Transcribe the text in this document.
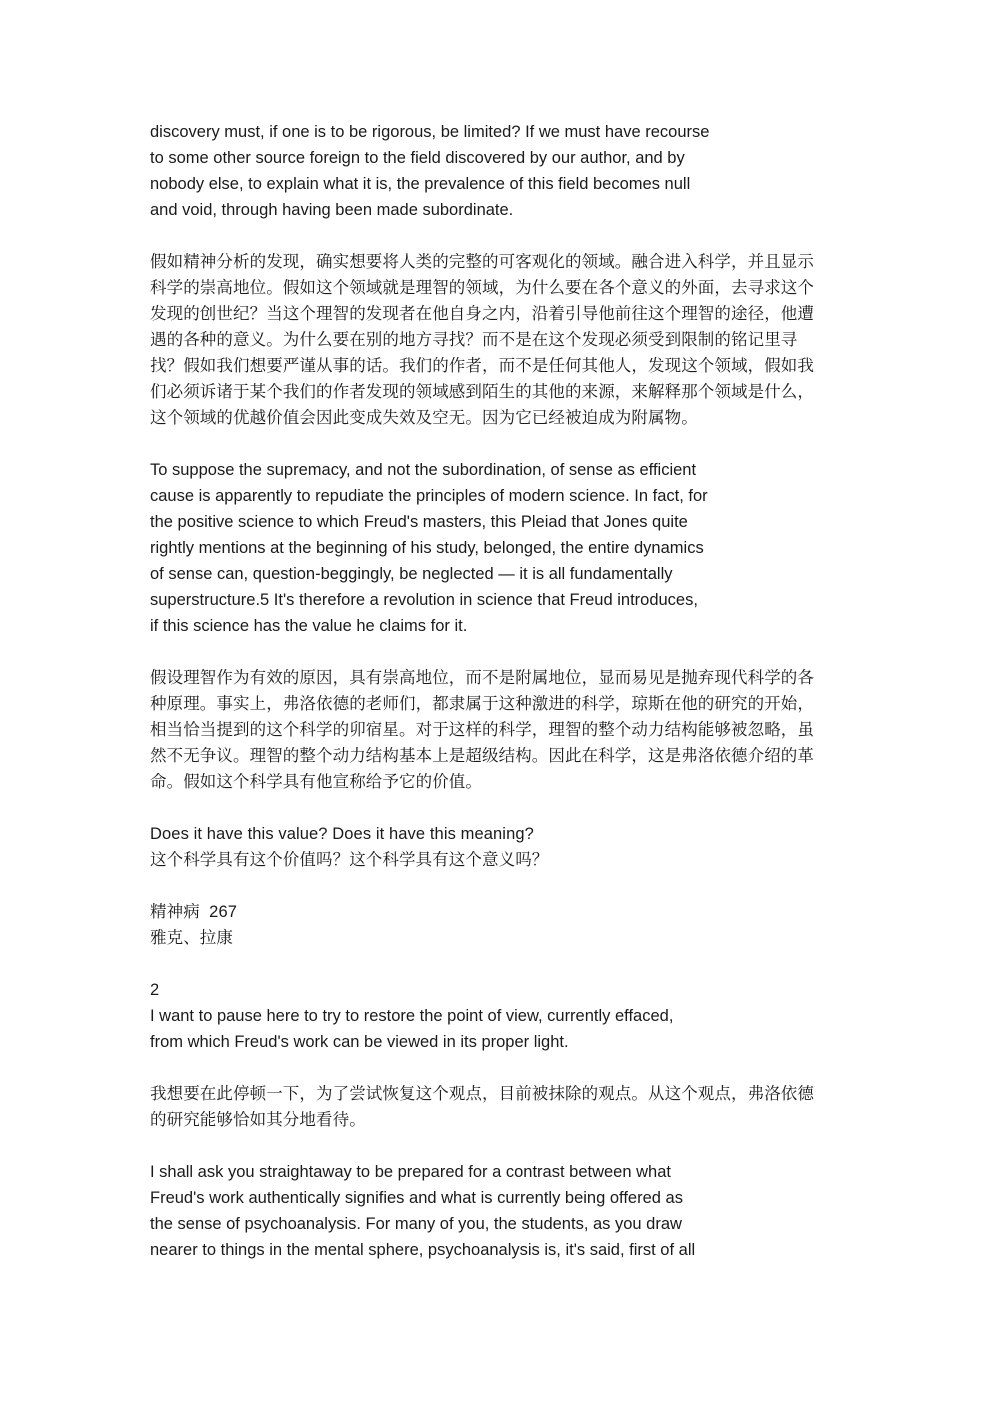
discovery must, if one is to be rigorous, be limited? If we must have recourse
to some other source foreign to the field discovered by our author, and by
nobody else, to explain what it is, the prevalence of this field becomes null
and void, through having been made subordinate.

假如精神分析的发现，确实想要将人类的完整的可客观化的领域。融合进入科学，并且显示
科学的崇高地位。假如这个领域就是理智的领域，为什么要在各个意义的外面，去寻求这个
发现的创世纪？当这个理智的发现者在他自身之内，沿着引导他前往这个理智的途径，他遭
遇的各种的意义。为什么要在别的地方寻找？而不是在这个发现必须受到限制的铭记里寻
找？假如我们想要严谨从事的话。我们的作者，而不是任何其他人，发现这个领域，假如我
们必须诉诸于某个我们的作者发现的领域感到陌生的其他的来源，来解释那个领域是什么，
这个领域的优越价值会因此变成失效及空无。因为它已经被迫成为附属物。

To suppose the supremacy, and not the subordination, of sense as efficient
cause is apparently to repudiate the principles of modern science. In fact, for
the positive science to which Freud's masters, this Pleiad that Jones quite
rightly mentions at the beginning of his study, belonged, the entire dynamics
of sense can, question-beggingly, be neglected — it is all fundamentally
superstructure.5 It's therefore a revolution in science that Freud introduces,
if this science has the value he claims for it.

假设理智作为有效的原因，具有崇高地位，而不是附属地位，显而易见是抛弃现代科学的各
种原理。事实上，弗洛依德的老师们，都隶属于这种激进的科学，琼斯在他的研究的开始，
相当恰当提到的这个科学的卯宿星。对于这样的科学，理智的整个动力结构能够被忽略，虽
然不无争议。理智的整个动力结构基本上是超级结构。因此在科学，这是弗洛依德介绍的革
命。假如这个科学具有他宣称给予它的价值。

Does it have this value? Does it have this meaning?
这个科学具有这个价值吗？这个科学具有这个意义吗？

精神病  267
雅克、拉康

2
I want to pause here to try to restore the point of view, currently effaced,
from which Freud's work can be viewed in its proper light.

我想要在此停顿一下，为了尝试恢复这个观点，目前被抹除的观点。从这个观点，弗洛依德
的研究能够恰如其分地看待。

I shall ask you straightaway to be prepared for a contrast between what
Freud's work authentically signifies and what is currently being offered as
the sense of psychoanalysis. For many of you, the students, as you draw
nearer to things in the mental sphere, psychoanalysis is, it's said, first of all
